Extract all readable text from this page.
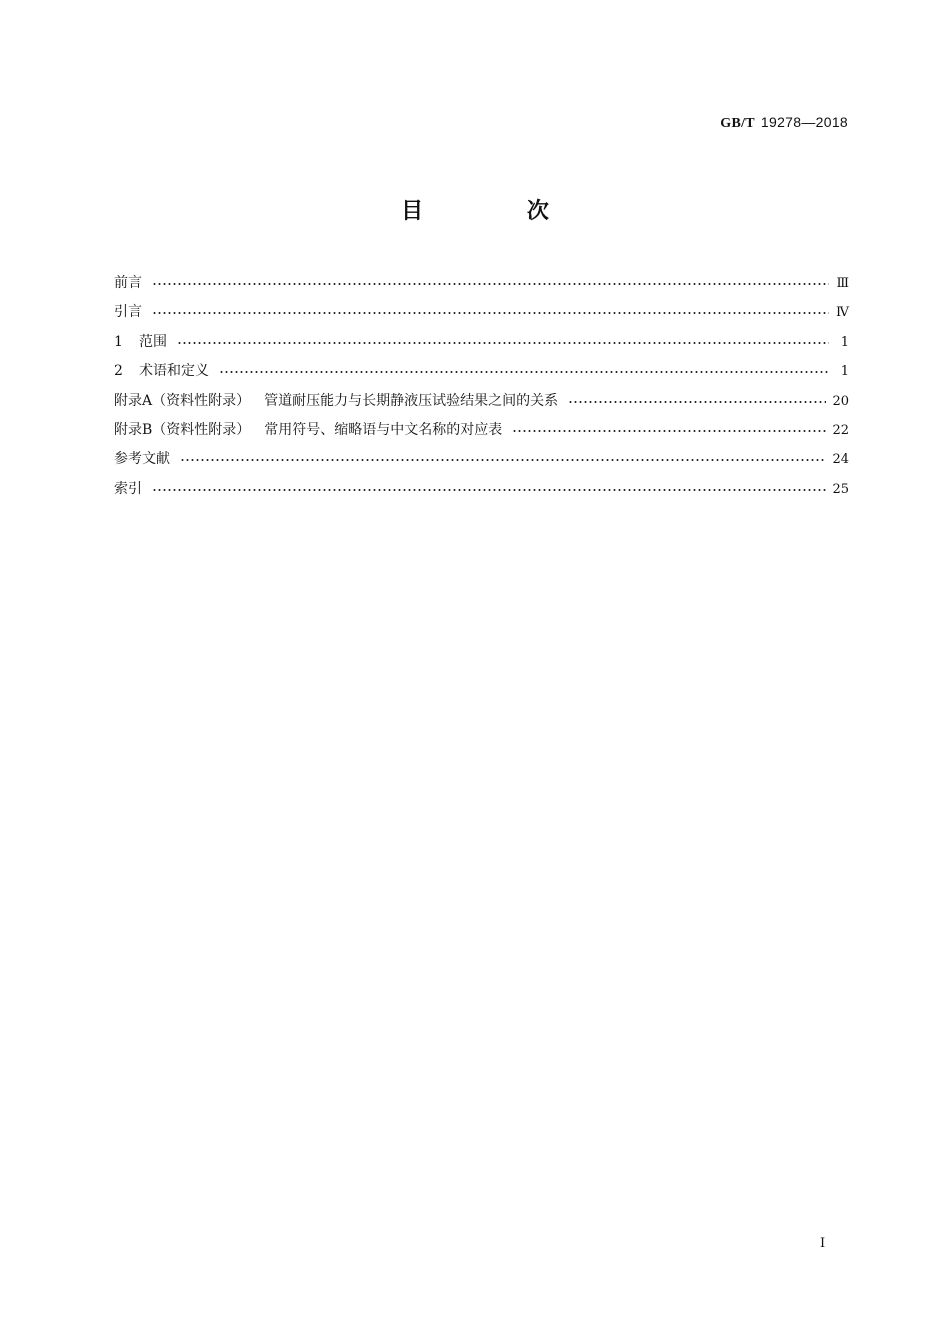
GB/T 19278—2018
目 次
前言	Ⅲ
引言	Ⅳ
1 范围	1
2 术语和定义	1
附录A（资料性附录） 管道耐压能力与长期静液压试验结果之间的关系	20
附录B（资料性附录） 常用符号、缩略语与中文名称的对应表	22
参考文献	24
索引	25
I
